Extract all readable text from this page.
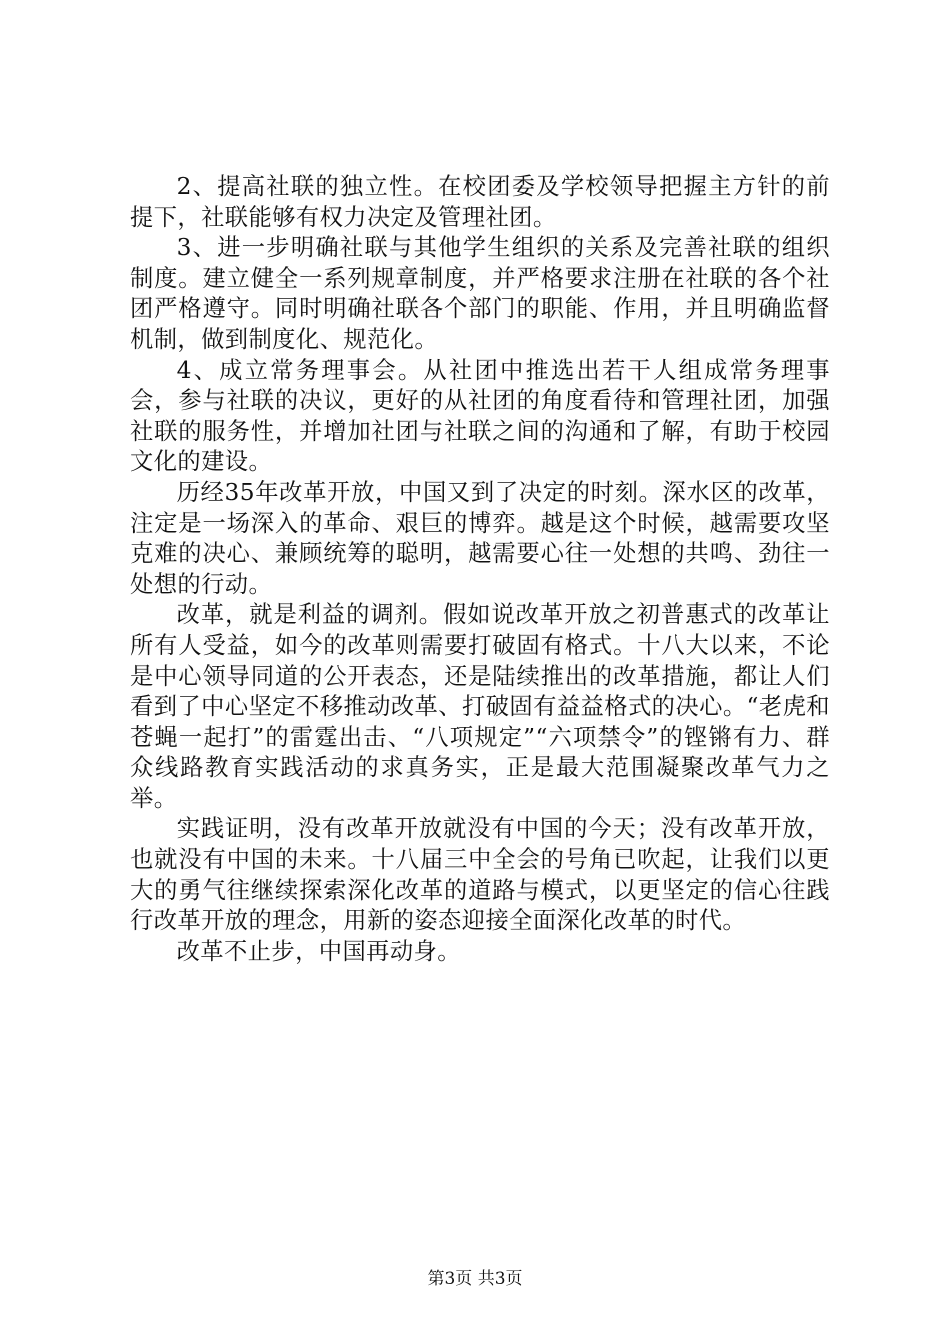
2、提高社联的独立性。在校团委及学校领导把握主方针的前提下，社联能够有权力决定及管理社团。

3、进一步明确社联与其他学生组织的关系及完善社联的组织制度。建立健全一系列规章制度，并严格要求注册在社联的各个社团严格遵守。同时明确社联各个部门的职能、作用，并且明确监督机制，做到制度化、规范化。

4、成立常务理事会。从社团中推选出若干人组成常务理事会，参与社联的决议，更好的从社团的角度看待和管理社团，加强社联的服务性，并增加社团与社联之间的沟通和了解，有助于校园文化的建设。

历经35年改革开放，中国又到了决定的时刻。深水区的改革，注定是一场深入的革命、艰巨的博弈。越是这个时候，越需要攻坚克难的决心、兼顾统筹的聪明，越需要心往一处想的共鸣、劲往一处想的行动。

改革，就是利益的调剂。假如说改革开放之初普惠式的改革让所有人受益，如今的改革则需要打破固有格式。十八大以来，不论是中心领导同道的公开表态，还是陆续推出的改革措施，都让人们看到了中心坚定不移推动改革、打破固有益益格式的决心。“老虎和苍蝇一起打”的雷霆出击、“八项规定”“六项禁令”的铿锵有力、群众线路教育实践活动的求真务实，正是最大范围凝聚改革气力之举。

实践证明，没有改革开放就没有中国的今天；没有改革开放，也就没有中国的未来。十八届三中全会的号角已吹起，让我们以更大的勇气往继续探索深化改革的道路与模式，以更坚定的信心往践行改革开放的理念，用新的姿态迎接全面深化改革的时代。

改革不止步，中国再动身。

第3页 共3页
